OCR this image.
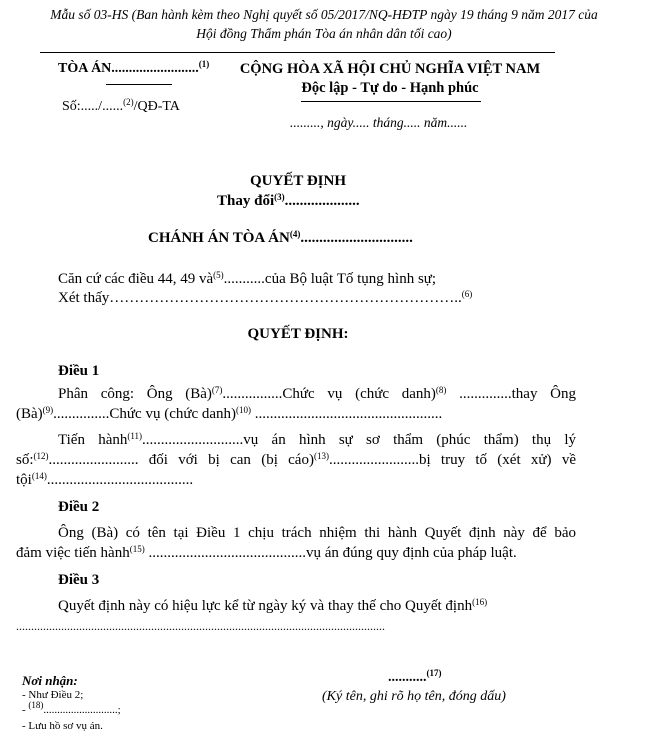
Mẫu số 03-HS (Ban hành kèm theo Nghị quyết số 05/2017/NQ-HĐTP ngày 19 tháng 9 năm 2017 của
Hội đồng Thẩm phán Tòa án nhân dân tối cao)
TÒA ÁN.........................$^{(1)}$
Số:...../......$^{(2)}$/QĐ-TA
CỘNG HÒA XÃ HỘI CHỦ NGHĨA VIỆT NAM
Độc lập - Tự do - Hạnh phúc
........., ngày..... tháng..... năm......
QUYẾT ĐỊNH
Thay đổi$^{(3)}$....................
CHÁNH ÁN TÒA ÁN$^{(4)}$..............................
Căn cứ các điều 44, 49 $và^{(5)}...........của$ Bộ luật Tố tụng hình sự;
Xét thấy……………………………………………………………..$^{(6)}$
QUYẾT ĐỊNH:
Điều 1
Phân công: Ông (Bà)$^{(7)}$................Chức vụ (chức danh)$^{(8)}$ ..............thay Ông
(Bà)$^{(9)}$...............Chức vụ (chức danh)$^{(10)}$ ..................................................
Tiến hành$^{(11)}$...........................vụ án hình sự sơ thẩm (phúc thẩm) thụ lý
số:$^{(12)}$........................ đối với bị can (bị cáo)$^{(13)}$........................bị truy tố (xét xử) về
tội$^{(14)}$.......................................
Điều 2
Ông (Bà) có tên tại Điều 1 chịu trách nhiệm thi hành Quyết định này để bảo
đảm việc tiến hành$^{(15)}$ ..........................................vụ án đúng quy định của pháp luật.
Điều 3
Quyết định này có hiệu lực kể từ ngày ký và thay thế cho Quyết định$^{(16)}$
...........................................................................................................................
Nơi nhận:
- Như Điều 2;
- $^{(18)}$...........................;
- Lưu hồ sơ vụ án.
...........$^{(17)}$
(Ký tên, ghi rõ họ tên, đóng dấu)
